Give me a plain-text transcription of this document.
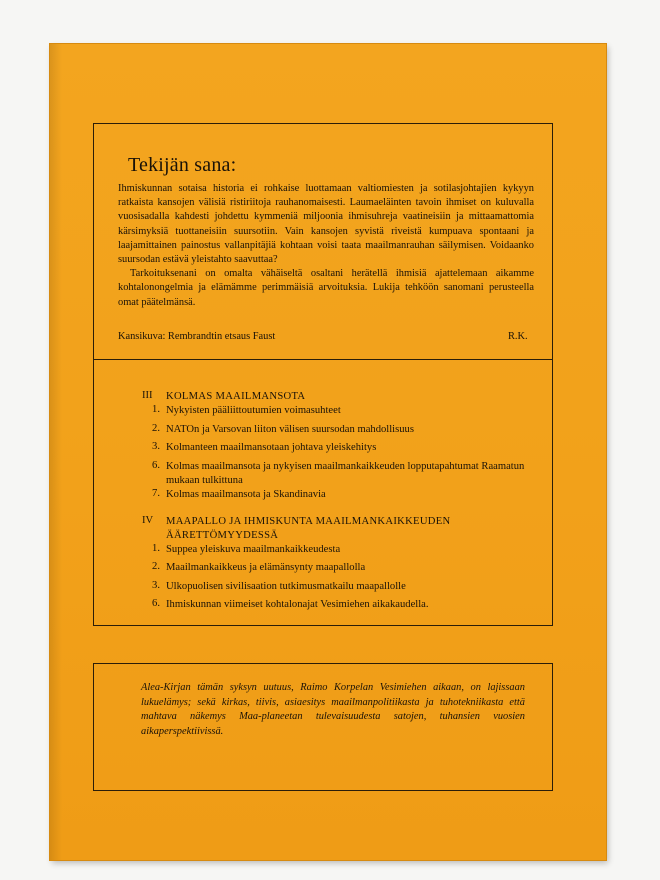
Tekijän sana:

Ihmiskunnan sotaisa historia ei rohkaise luottamaan valtiomiesten ja sotilasjohtajien kykyyn ratkaista kansojen välisiä ristiriitoja rauhanomaisesti. Laumaeläinten tavoin ihmiset on kuluvalla vuosisadalla kahdesti johdettu kymmeniä miljoonia ihmisuhreja vaatineisiin ja mittaamattomia kärsimyksiä tuottaneisiin suursotiin. Vain kansojen syvistä riveistä kumpuava spontaani ja laajamittainen painostus vallanpitäjiä kohtaan voisi taata maailmanrauhan säilymisen. Voidaanko suursodan estävä yleistahto saavuttaa?

Tarkoituksenani on omalta vähäiseltä osaltani herätellä ihmisiä ajattelemaan aikamme kohtalonongelmia ja elämämme perimmäisiä arvoituksia. Lukija tehköön sanomani perusteella omat päätelmänsä.

Kansikuva: Rembrandtin etsaus Faust	R.K.
III KOLMAS MAAILMANSOTA
1. Nykyisten pääliittoutumien voimasuhteet
2. NATOn ja Varsovan liiton välisen suursodan mahdollisuus
3. Kolmanteen maailmansotaan johtava yleiskehitys
6. Kolmas maailmansota ja nykyisen maailmankaikkeuden lopputapahtumat Raamatun mukaan tulkittuna
7. Kolmas maailmansota ja Skandinavia
IV MAAPALLO JA IHMISKUNTA MAAILMANKAIKKEUDEN ÄÄRETTÖMYYDESSÄ
1. Suppea yleiskuva maailmankaikkeudesta
2. Maailmankaikkeus ja elämänsynty maapallolla
3. Ulkopuolisen sivilisaation tutkimusmatkailu maapallolle
6. Ihmiskunnan viimeiset kohtalonajat Vesimiehen aikakaudella.
Alea-Kirjan tämän syksyn uutuus, Raimo Korpelan Vesimiehen aikaan, on lajissaan lukuelämys; sekä kirkas, tiivis, asiaesitys maailmanpolitiikasta ja tuhotekniikasta että mahtava näkemys Maa-planeetan tulevaisuudesta satojen, tuhansien vuosien aikaperspektiivissä.
